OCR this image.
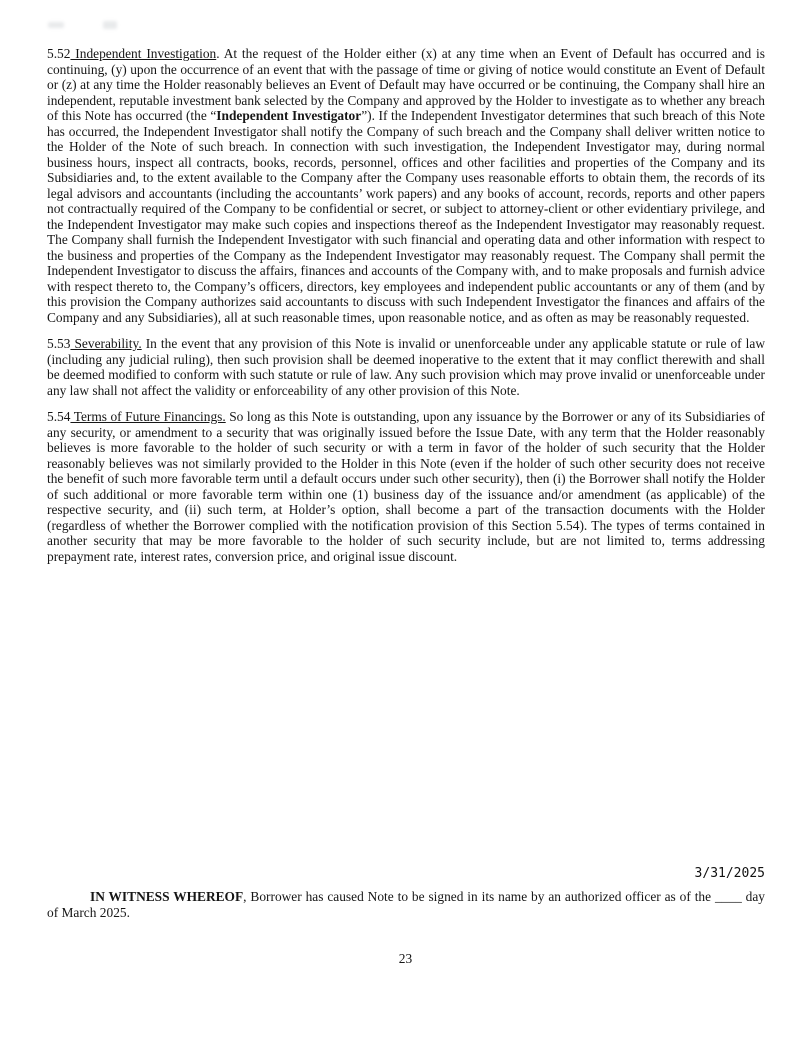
5.52 Independent Investigation. At the request of the Holder either (x) at any time when an Event of Default has occurred and is continuing, (y) upon the occurrence of an event that with the passage of time or giving of notice would constitute an Event of Default or (z) at any time the Holder reasonably believes an Event of Default may have occurred or be continuing, the Company shall hire an independent, reputable investment bank selected by the Company and approved by the Holder to investigate as to whether any breach of this Note has occurred (the “Independent Investigator”). If the Independent Investigator determines that such breach of this Note has occurred, the Independent Investigator shall notify the Company of such breach and the Company shall deliver written notice to the Holder of the Note of such breach. In connection with such investigation, the Independent Investigator may, during normal business hours, inspect all contracts, books, records, personnel, offices and other facilities and properties of the Company and its Subsidiaries and, to the extent available to the Company after the Company uses reasonable efforts to obtain them, the records of its legal advisors and accountants (including the accountants’ work papers) and any books of account, records, reports and other papers not contractually required of the Company to be confidential or secret, or subject to attorney-client or other evidentiary privilege, and the Independent Investigator may make such copies and inspections thereof as the Independent Investigator may reasonably request. The Company shall furnish the Independent Investigator with such financial and operating data and other information with respect to the business and properties of the Company as the Independent Investigator may reasonably request. The Company shall permit the Independent Investigator to discuss the affairs, finances and accounts of the Company with, and to make proposals and furnish advice with respect thereto to, the Company’s officers, directors, key employees and independent public accountants or any of them (and by this provision the Company authorizes said accountants to discuss with such Independent Investigator the finances and affairs of the Company and any Subsidiaries), all at such reasonable times, upon reasonable notice, and as often as may be reasonably requested.

5.53 Severability. In the event that any provision of this Note is invalid or unenforceable under any applicable statute or rule of law (including any judicial ruling), then such provision shall be deemed inoperative to the extent that it may conflict therewith and shall be deemed modified to conform with such statute or rule of law. Any such provision which may prove invalid or unenforceable under any law shall not affect the validity or enforceability of any other provision of this Note.

5.54 Terms of Future Financings. So long as this Note is outstanding, upon any issuance by the Borrower or any of its Subsidiaries of any security, or amendment to a security that was originally issued before the Issue Date, with any term that the Holder reasonably believes is more favorable to the holder of such security or with a term in favor of the holder of such security that the Holder reasonably believes was not similarly provided to the Holder in this Note (even if the holder of such other security does not receive the benefit of such more favorable term until a default occurs under such other security), then (i) the Borrower shall notify the Holder of such additional or more favorable term within one (1) business day of the issuance and/or amendment (as applicable) of the respective security, and (ii) such term, at Holder’s option, shall become a part of the transaction documents with the Holder (regardless of whether the Borrower complied with the notification provision of this Section 5.54). The types of terms contained in another security that may be more favorable to the holder of such security include, but are not limited to, terms addressing prepayment rate, interest rates, conversion price, and original issue discount.

3/31/2025

IN WITNESS WHEREOF, Borrower has caused Note to be signed in its name by an authorized officer as of the ____ day of March 2025.

23
